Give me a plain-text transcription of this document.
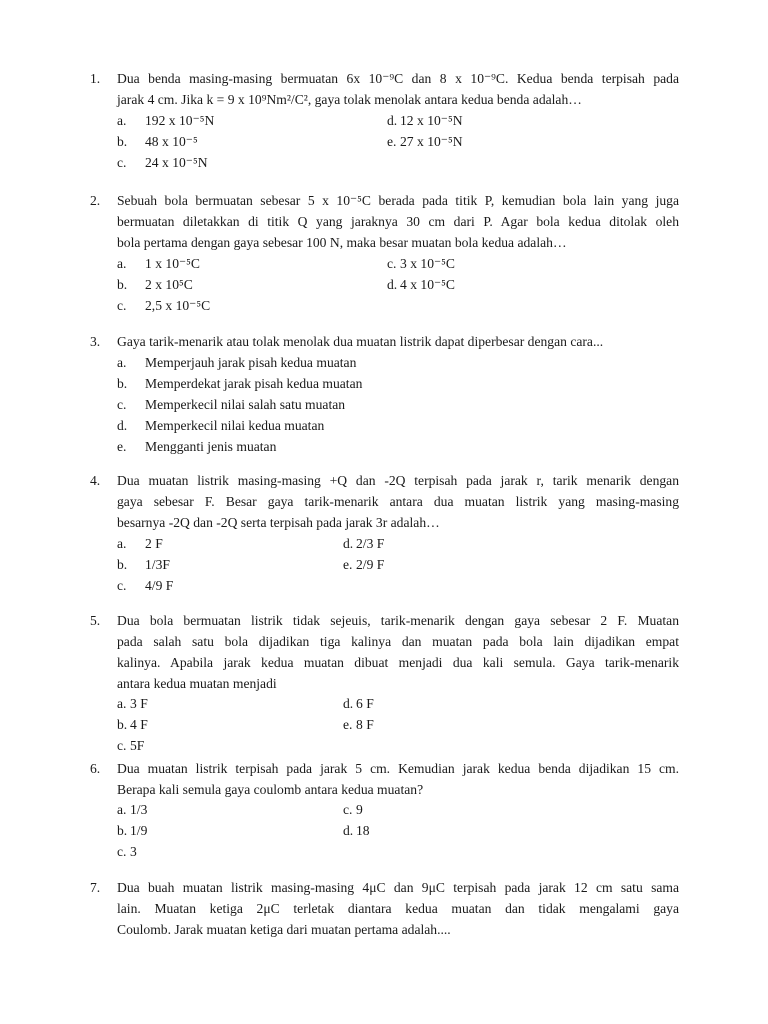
1. Dua benda masing-masing bermuatan 6x 10⁻⁹C dan 8 x 10⁻⁹C. Kedua benda terpisah pada
jarak 4 cm. Jika k = 9 x 10⁹Nm²/C², gaya tolak menolak antara kedua benda adalah…
a. 192 x 10⁻⁵N	d. 12 x 10⁻⁵N
b. 48 x 10⁻⁵	e. 27 x 10⁻⁵N
c. 24 x 10⁻⁵N
2. Sebuah bola bermuatan sebesar 5 x 10⁻⁵C berada pada titik P, kemudian bola lain yang juga
bermuatan diletakkan di titik Q yang jaraknya 30 cm dari P. Agar bola kedua ditolak oleh
bola pertama dengan gaya sebesar 100 N, maka besar muatan bola kedua adalah…
a. 1 x 10⁻⁵C	c. 3 x 10⁻⁵C
b. 2 x 10⁵C	d. 4 x 10⁻⁵C
c. 2,5 x 10⁻⁵C
3. Gaya tarik-menarik atau tolak menolak dua muatan listrik dapat diperbesar dengan cara...
a. Memperjauh jarak pisah kedua muatan
b. Memperdekat jarak pisah kedua muatan
c. Memperkecil nilai salah satu muatan
d. Memperkecil nilai kedua muatan
e. Mengganti jenis muatan
4. Dua muatan listrik masing-masing +Q dan -2Q terpisah pada jarak r, tarik menarik dengan
gaya sebesar F. Besar gaya tarik-menarik antara dua muatan listrik yang masing-masing
besarnya -2Q dan -2Q serta terpisah pada jarak 3r adalah…
a. 2 F	d. 2/3 F
b. 1/3F	e. 2/9 F
c. 4/9 F
5. Dua bola bermuatan listrik tidak sejeuis, tarik-menarik dengan gaya sebesar 2 F. Muatan
pada salah satu bola dijadikan tiga kalinya dan muatan pada bola lain dijadikan empat
kalinya. Apabila jarak kedua muatan dibuat menjadi dua kali semula. Gaya tarik-menarik
antara kedua muatan menjadi
a. 3 F	d. 6 F
b. 4 F	e. 8 F
c. 5F
6. Dua muatan listrik terpisah pada jarak 5 cm. Kemudian jarak kedua benda dijadikan 15 cm.
Berapa kali semula gaya coulomb antara kedua muatan?
a. 1/3	c. 9
b. 1/9	d. 18
c. 3
7. Dua buah muatan listrik masing-masing 4μC dan 9μC terpisah pada jarak 12 cm satu sama
lain. Muatan ketiga 2μC terletak diantara kedua muatan dan tidak mengalami gaya
Coulomb. Jarak muatan ketiga dari muatan pertama adalah....
